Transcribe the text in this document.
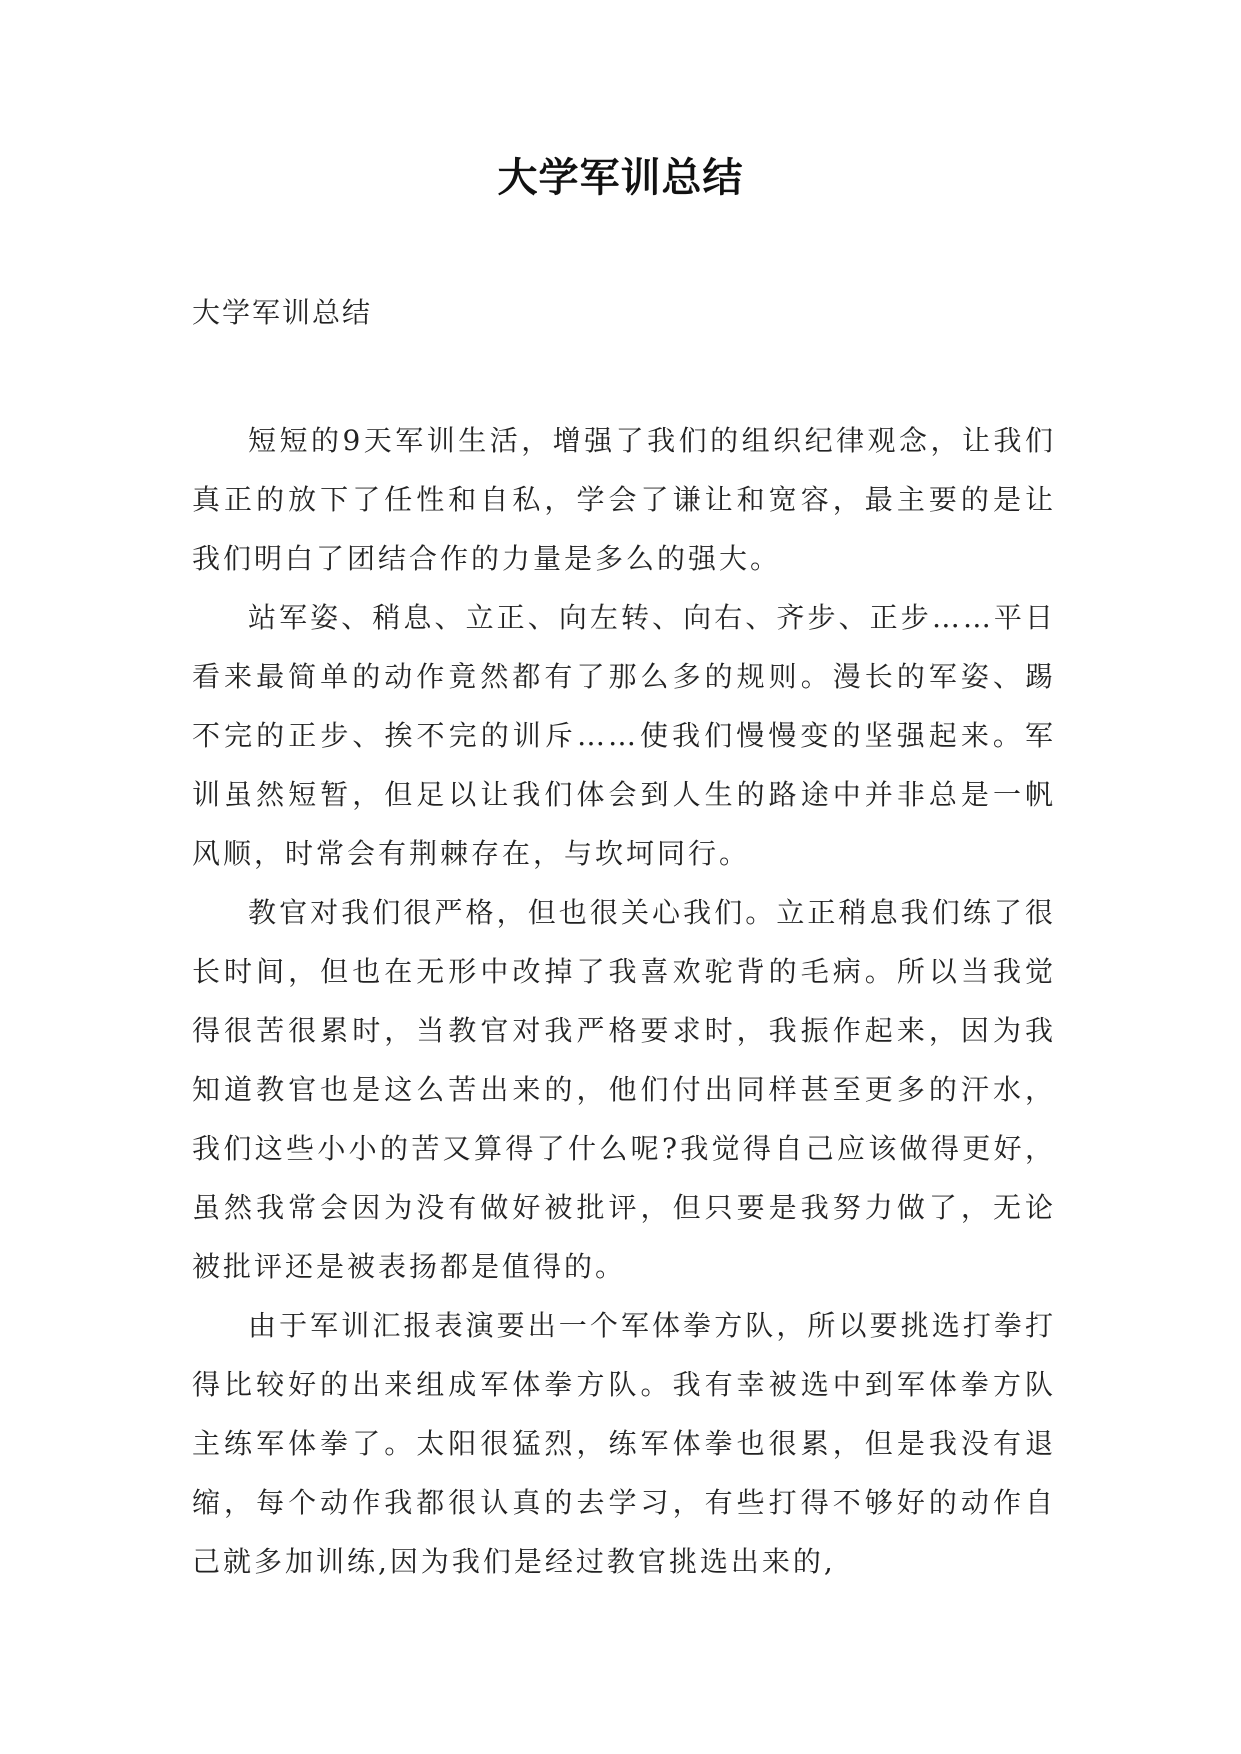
大学军训总结
大学军训总结

短短的9天军训生活，增强了我们的组织纪律观念，让我们真正的放下了任性和自私，学会了谦让和宽容，最主要的是让我们明白了团结合作的力量是多么的强大。

站军姿、稍息、立正、向左转、向右、齐步、正步……平日看来最简单的动作竟然都有了那么多的规则。漫长的军姿、踢不完的正步、挨不完的训斥……使我们慢慢变的坚强起来。军训虽然短暂，但足以让我们体会到人生的路途中并非总是一帆风顺，时常会有荆棘存在，与坎坷同行。

教官对我们很严格，但也很关心我们。立正稍息我们练了很长时间，但也在无形中改掉了我喜欢驼背的毛病。所以当我觉得很苦很累时，当教官对我严格要求时，我振作起来，因为我知道教官也是这么苦出来的，他们付出同样甚至更多的汗水，我们这些小小的苦又算得了什么呢?我觉得自己应该做得更好，虽然我常会因为没有做好被批评，但只要是我努力做了，无论被批评还是被表扬都是值得的。

由于军训汇报表演要出一个军体拳方队，所以要挑选打拳打得比较好的出来组成军体拳方队。我有幸被选中到军体拳方队主练军体拳了。太阳很猛烈，练军体拳也很累，但是我没有退缩，每个动作我都很认真的去学习，有些打得不够好的动作自己就多加训练,因为我们是经过教官挑选出来的,
